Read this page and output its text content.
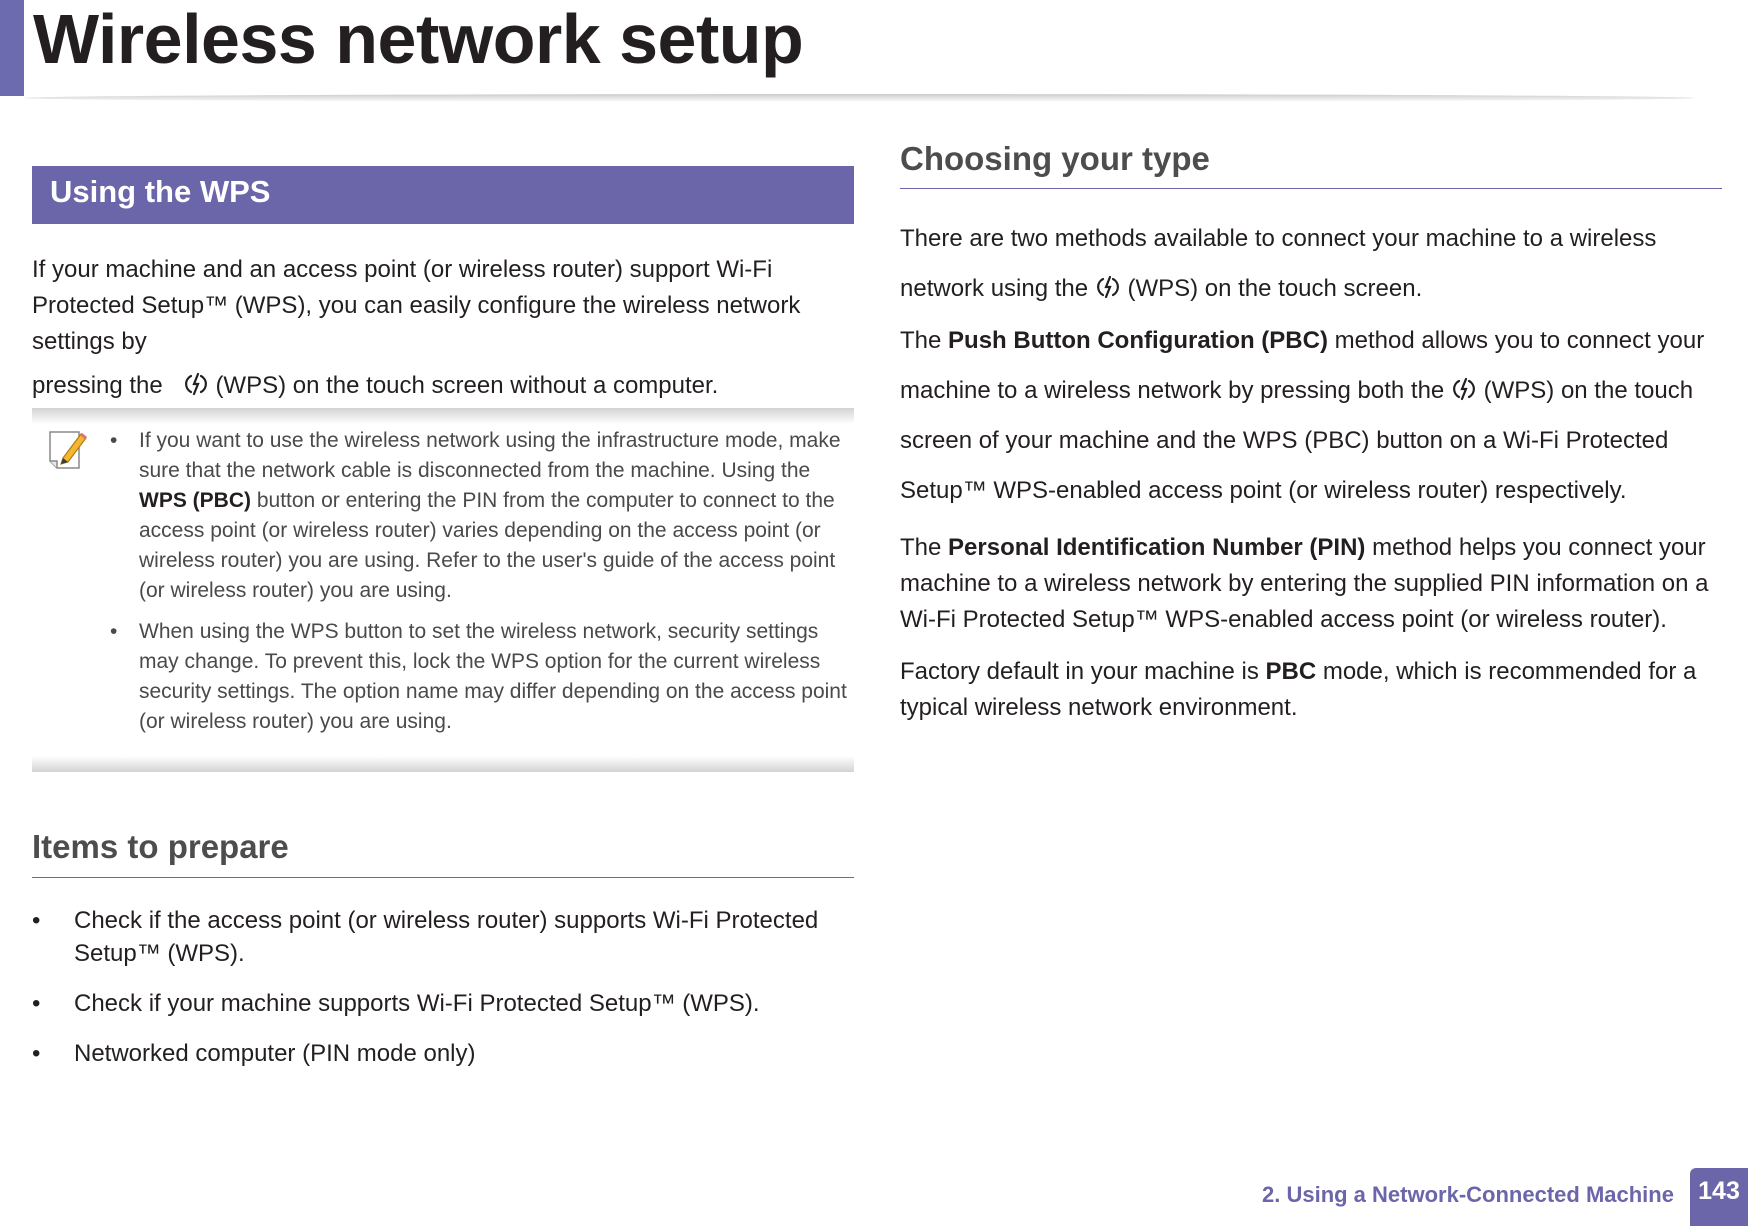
Wireless network setup
Using the WPS

If your machine and an access point (or wireless router) support Wi-Fi Protected Setup™ (WPS), you can easily configure the wireless network settings by

pressing the (WPS) on the touch screen without a computer.

• If you want to use the wireless network using the infrastructure mode, make sure that the network cable is disconnected from the machine. Using the WPS (PBC) button or entering the PIN from the computer to connect to the access point (or wireless router) varies depending on the access point (or wireless router) you are using. Refer to the user's guide of the access point (or wireless router) you are using.
• When using the WPS button to set the wireless network, security settings may change. To prevent this, lock the WPS option for the current wireless security settings. The option name may differ depending on the access point (or wireless router) you are using.
Items to prepare
• Check if the access point (or wireless router) supports Wi-Fi Protected Setup™ (WPS).
• Check if your machine supports Wi-Fi Protected Setup™ (WPS).
• Networked computer (PIN mode only)
Choosing your type

There are two methods available to connect your machine to a wireless network using the (WPS) on the touch screen.

The Push Button Configuration (PBC) method allows you to connect your machine to a wireless network by pressing both the (WPS) on the touch screen of your machine and the WPS (PBC) button on a Wi-Fi Protected Setup™ WPS-enabled access point (or wireless router) respectively.

The Personal Identification Number (PIN) method helps you connect your machine to a wireless network by entering the supplied PIN information on a Wi-Fi Protected Setup™ WPS-enabled access point (or wireless router).

Factory default in your machine is PBC mode, which is recommended for a typical wireless network environment.

2. Using a Network-Connected Machine 143
